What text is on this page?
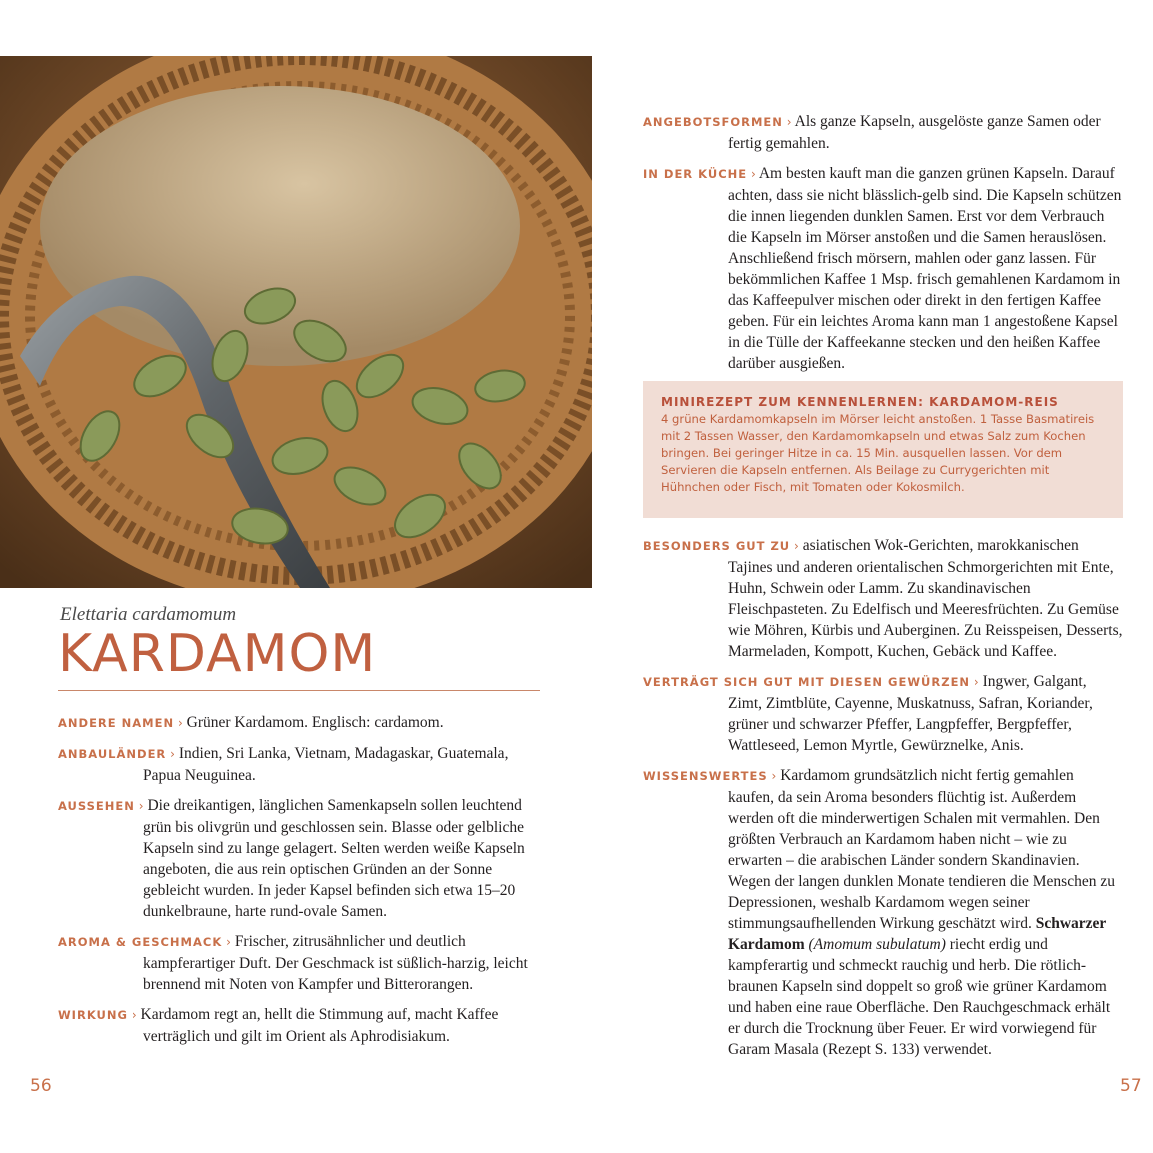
Elettaria cardamomum
KARDAMOM

ANDERE NAMEN › Grüner Kardamom. Englisch: cardamom.

ANBAULÄNDER › Indien, Sri Lanka, Vietnam, Madagaskar, Guatemala, Papua Neuguinea.

AUSSEHEN › Die dreikantigen, länglichen Samenkapseln sollen leuchtend grün bis olivgrün und geschlossen sein. Blasse oder gelbliche Kapseln sind zu lange gelagert. Selten werden weiße Kapseln angeboten, die aus rein optischen Gründen an der Sonne gebleicht wurden. In jeder Kapsel befinden sich etwa 15–20 dunkelbraune, harte rund-ovale Samen.

AROMA & GESCHMACK › Frischer, zitrusähnlicher und deutlich kampferartiger Duft. Der Geschmack ist süßlich-harzig, leicht brennend mit Noten von Kampfer und Bitterorangen.

WIRKUNG › Kardamom regt an, hellt die Stimmung auf, macht Kaffee verträglich und gilt im Orient als Aphrodisiakum.

ANGEBOTSFORMEN › Als ganze Kapseln, ausgelöste ganze Samen oder fertig gemahlen.

IN DER KÜCHE › Am besten kauft man die ganzen grünen Kapseln. Darauf achten, dass sie nicht blässlich-gelb sind. Die Kapseln schützen die innen liegenden dunklen Samen. Erst vor dem Verbrauch die Kapseln im Mörser anstoßen und die Samen herauslösen. Anschließend frisch mörsern, mahlen oder ganz lassen. Für bekömmlichen Kaffee 1 Msp. frisch gemahlenen Kardamom in das Kaffeepulver mischen oder direkt in den fertigen Kaffee geben. Für ein leichtes Aroma kann man 1 angestoßene Kapsel in die Tülle der Kaffeekanne stecken und den heißen Kaffee darüber ausgießen.

MINIREZEPT ZUM KENNENLERNEN: KARDAMOM-REIS
4 grüne Kardamomkapseln im Mörser leicht anstoßen. 1 Tasse Basmatireis mit 2 Tassen Wasser, den Kardamomkapseln und etwas Salz zum Kochen bringen. Bei geringer Hitze in ca. 15 Min. ausquellen lassen. Vor dem Servieren die Kapseln entfernen. Als Beilage zu Currygerichten mit Hühnchen oder Fisch, mit Tomaten oder Kokosmilch.

BESONDERS GUT ZU › asiatischen Wok-Gerichten, marokkanischen Tajines und anderen orientalischen Schmorgerichten mit Ente, Huhn, Schwein oder Lamm. Zu skandinavischen Fleischpasteten. Zu Edelfisch und Meeresfrüchten. Zu Gemüse wie Möhren, Kürbis und Auberginen. Zu Reisspeisen, Desserts, Marmeladen, Kompott, Kuchen, Gebäck und Kaffee.

VERTRÄGT SICH GUT MIT DIESEN GEWÜRZEN › Ingwer, Galgant, Zimt, Zimtblüte, Cayenne, Muskatnuss, Safran, Koriander, grüner und schwarzer Pfeffer, Langpfeffer, Bergpfeffer, Wattleseed, Lemon Myrtle, Gewürznelke, Anis.

WISSENSWERTES › Kardamom grundsätzlich nicht fertig gemahlen kaufen, da sein Aroma besonders flüchtig ist. Außerdem werden oft die minderwertigen Schalen mit vermahlen. Den größten Verbrauch an Kardamom haben nicht – wie zu erwarten – die arabischen Länder sondern Skandinavien. Wegen der langen dunklen Monate tendieren die Menschen zu Depressionen, weshalb Kardamom wegen seiner stimmungsaufhellenden Wirkung geschätzt wird. Schwarzer Kardamom (Amomum subulatum) riecht erdig und kampferartig und schmeckt rauchig und herb. Die rötlich-braunen Kapseln sind doppelt so groß wie grüner Kardamom und haben eine raue Oberfläche. Den Rauchgeschmack erhält er durch die Trocknung über Feuer. Er wird vorwiegend für Garam Masala (Rezept S. 133) verwendet.

56	57
